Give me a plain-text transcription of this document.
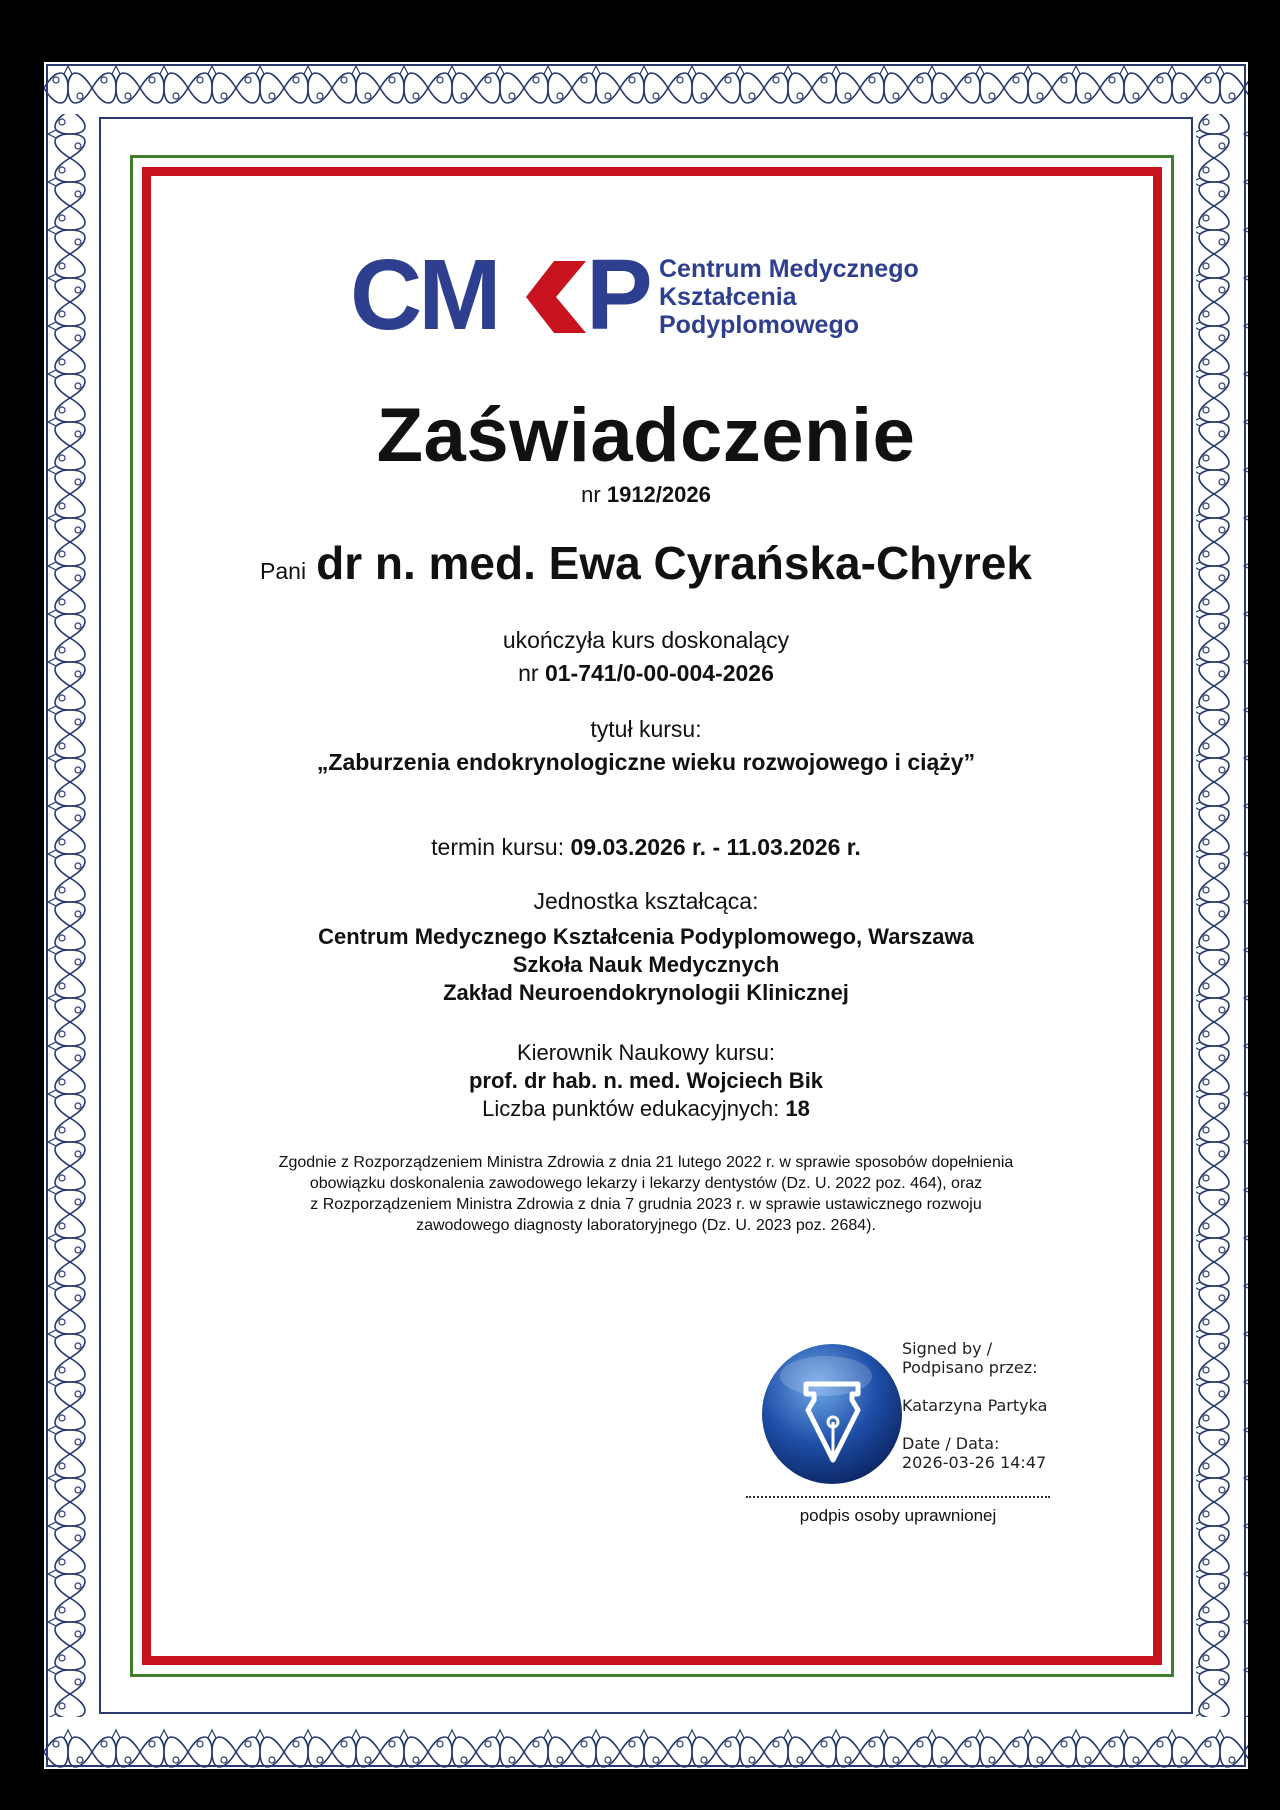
CM P Centrum Medycznego
Kształcenia
Podyplomowego
Zaświadczenie
nr 1912/2026
Pani dr n. med. Ewa Cyrańska-Chyrek
ukończyła kurs doskonalący
nr 01-741/0-00-004-2026
tytuł kursu:
„Zaburzenia endokrynologiczne wieku rozwojowego i ciąży”
termin kursu: 09.03.2026 r. - 11.03.2026 r.
Jednostka kształcąca:
Centrum Medycznego Kształcenia Podyplomowego, Warszawa
Szkoła Nauk Medycznych
Zakład Neuroendokrynologii Klinicznej
Kierownik Naukowy kursu:
prof. dr hab. n. med. Wojciech Bik
Liczba punktów edukacyjnych: 18
Zgodnie z Rozporządzeniem Ministra Zdrowia z dnia 21 lutego 2022 r. w sprawie sposobów dopełnienia
obowiązku doskonalenia zawodowego lekarzy i lekarzy dentystów (Dz. U. 2022 poz. 464), oraz
z Rozporządzeniem Ministra Zdrowia z dnia 7 grudnia 2023 r. w sprawie ustawicznego rozwoju
zawodowego diagnosty laboratoryjnego (Dz. U. 2023 poz. 2684).
Signed by /
Podpisano przez:
Katarzyna Partyka
Date / Data:
2026-03-26 14:47
podpis osoby uprawnionej
